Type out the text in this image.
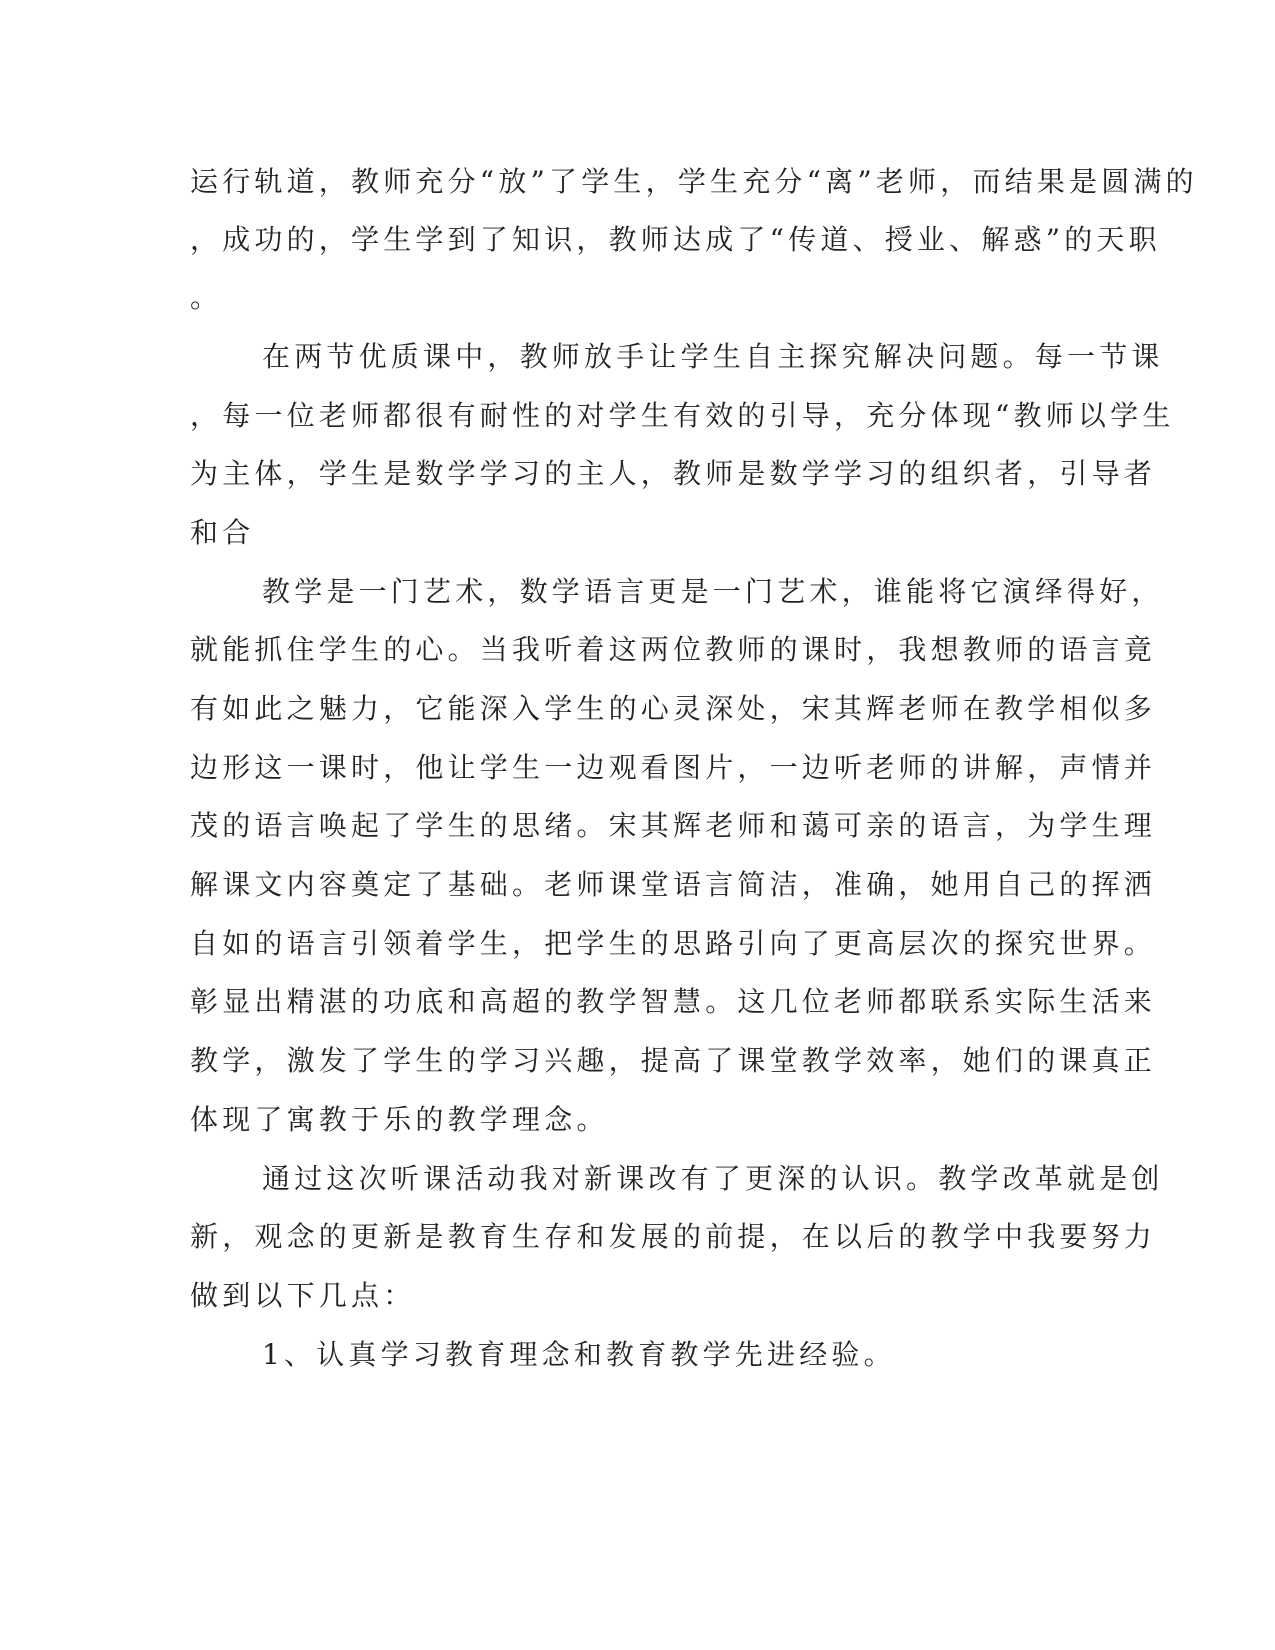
运行轨道，教师充分“放”了学生，学生充分“离”老师，而结果是圆满的

，成功的，学生学到了知识，教师达成了“传道、授业、解惑”的天职

。

在两节优质课中，教师放手让学生自主探究解决问题。每一节课

，每一位老师都很有耐性的对学生有效的引导，充分体现“教师以学生

为主体，学生是数学学习的主人，教师是数学学习的组织者，引导者

和合

教学是一门艺术，数学语言更是一门艺术，谁能将它演绎得好，

就能抓住学生的心。当我听着这两位教师的课时，我想教师的语言竟

有如此之魅力，它能深入学生的心灵深处，宋其辉老师在教学相似多

边形这一课时，他让学生一边观看图片，一边听老师的讲解，声情并

茂的语言唤起了学生的思绪。宋其辉老师和蔼可亲的语言，为学生理

解课文内容奠定了基础。老师课堂语言简洁，准确，她用自己的挥洒

自如的语言引领着学生，把学生的思路引向了更高层次的探究世界。

彰显出精湛的功底和高超的教学智慧。这几位老师都联系实际生活来

教学，激发了学生的学习兴趣，提高了课堂教学效率，她们的课真正

体现了寓教于乐的教学理念。

通过这次听课活动我对新课改有了更深的认识。教学改革就是创

新，观念的更新是教育生存和发展的前提，在以后的教学中我要努力

做到以下几点：

1、认真学习教育理念和教育教学先进经验。
